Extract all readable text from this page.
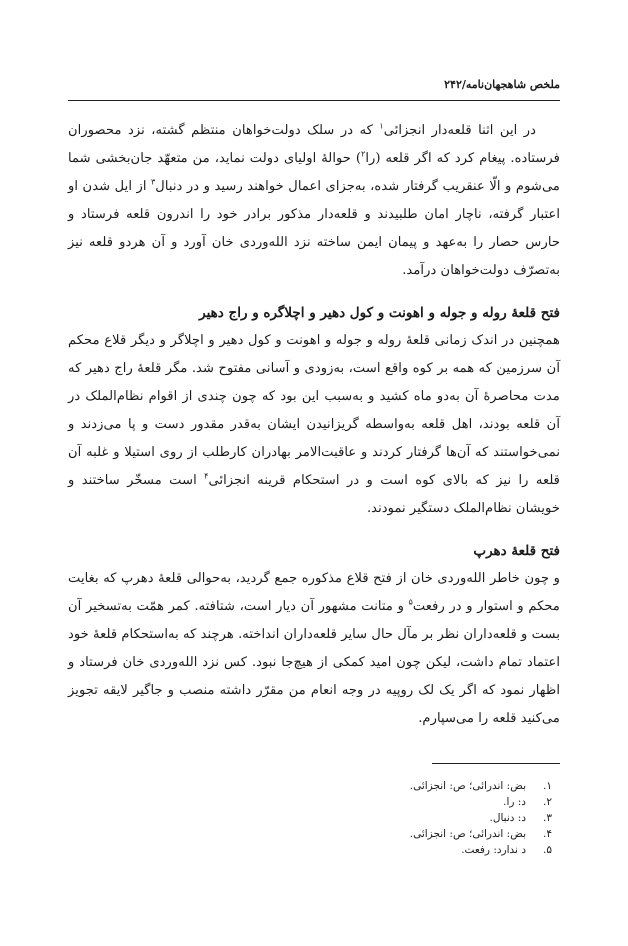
ملخص شاهجهان‌نامه/۲۴۲

در این اثنا قلعه‌دار انجزائی$^۱$ که در سلک دولت‌خواهان منتظم گشته، نزد محصوران فرستاده. پیغام کرد که اگر قلعه (را$^۲$) حوالهٔ اولیای دولت نماید، من متعهّد جان‌بخشی شما می‌شوم و الّا عنقریب گرفتار شده، به‌جزای اعمال خواهند رسید و در دنبال$^۳$ از ایل شدن او اعتبار گرفته، ناچار امان طلبیدند و قلعه‌دار مذکور برادر خود را اندرون قلعه فرستاد و حارس حصار را به‌عهد و پیمان ایمن ساخته نزد الله‌وردی خان آورد و آن هردو قلعه نیز به‌تصرّف دولت‌خواهان درآمد.

فتح قلعهٔ روله و جوله و اهونت و کول دهیر و اچلاگره و راج دهیر

همچنین در اندک زمانی قلعهٔ روله و جوله و اهونت و کول دهیر و اچلاگر و دیگر قلاع محکم آن سرزمین که همه بر کوه واقع است، به‌زودی و آسانی مفتوح شد. مگر قلعهٔ راج دهیر که مدت محاصرهٔ آن به‌دو ماه کشید و به‌سبب این بود که چون چندی از اقوام نظام‌الملک در آن قلعه بودند، اهل قلعه به‌واسطه گریزانیدن ایشان به‌قدر مقدور دست و پا می‌زدند و نمی‌خواستند که آن‌ها گرفتار کردند و عاقبت‌الامر بهادران کارطلب از روی استیلا و غلبه آن قلعه را نیز که بالای کوه است و در استحکام قرینه انجزائی$^۴$ است مسخّر ساختند و خویشان نظام‌الملک دستگیر نمودند.

فتح قلعهٔ دهرپ

و چون خاطر الله‌وردی خان از فتح قلاع مذکوره جمع گردید، به‌حوالی قلعهٔ دهرپ که بغایت محکم و استوار و در رفعت$^۵$ و متانت مشهور آن دیار است، شتافته. کمر همّت به‌تسخیر آن بست و قلعه‌داران نظر بر مآل حال سایر قلعه‌داران انداخته. هرچند که به‌استحکام قلعهٔ خود اعتماد تمام داشت، لیکن چون امید کمکی از هیچ‌جا نبود. کس نزد الله‌وردی خان فرستاد و اظهار نمود که اگر یک لک روپیه در وجه انعام من مقرّر داشته منصب و جاگیر لایقه تجویز می‌کنید قلعه را می‌سپارم.

۱.
بض: اندرائی؛ ص: انجزائی.
۲.
د: را.
۳.
د: دنبال.
۴.
بض: اندرائی؛ ص: انجزائی.
۵.
د ندارد: رفعت.
